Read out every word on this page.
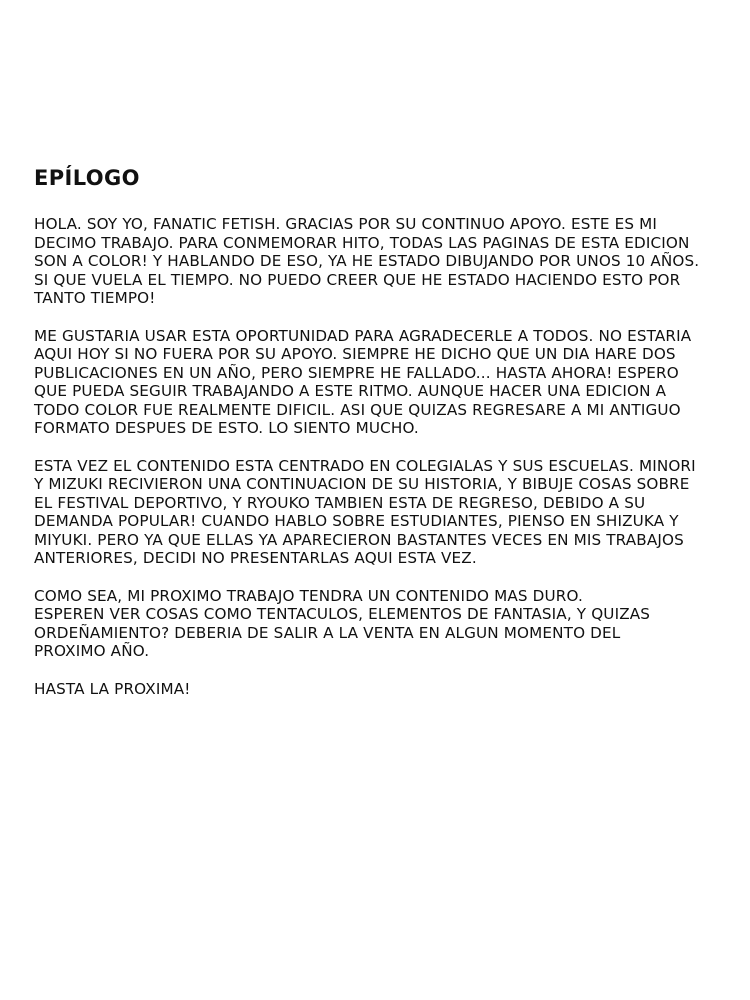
EPÍLOGO

HOLA. SOY YO, FANATIC FETISH. GRACIAS POR SU CONTINUO APOYO. ESTE ES MI
DECIMO TRABAJO. PARA CONMEMORAR HITO, TODAS LAS PAGINAS DE ESTA EDICION
SON A COLOR! Y HABLANDO DE ESO, YA HE ESTADO DIBUJANDO POR UNOS 10 AÑOS.
SI QUE VUELA EL TIEMPO. NO PUEDO CREER QUE HE ESTADO HACIENDO ESTO POR
TANTO TIEMPO!

ME GUSTARIA USAR ESTA OPORTUNIDAD PARA AGRADECERLE A TODOS. NO ESTARIA
AQUI HOY SI NO FUERA POR SU APOYO. SIEMPRE HE DICHO QUE UN DIA HARE DOS
PUBLICACIONES EN UN AÑO, PERO SIEMPRE HE FALLADO... HASTA AHORA! ESPERO
QUE PUEDA SEGUIR TRABAJANDO A ESTE RITMO. AUNQUE HACER UNA EDICION A
TODO COLOR FUE REALMENTE DIFICIL. ASI QUE QUIZAS REGRESARE A MI ANTIGUO
FORMATO DESPUES DE ESTO. LO SIENTO MUCHO.

ESTA VEZ EL CONTENIDO ESTA CENTRADO EN COLEGIALAS Y SUS ESCUELAS. MINORI
Y MIZUKI RECIVIERON UNA CONTINUACION DE SU HISTORIA, Y BIBUJE COSAS SOBRE
EL FESTIVAL DEPORTIVO, Y RYOUKO TAMBIEN ESTA DE REGRESO, DEBIDO A SU
DEMANDA POPULAR! CUANDO HABLO SOBRE ESTUDIANTES, PIENSO EN SHIZUKA Y
MIYUKI. PERO YA QUE ELLAS YA APARECIERON BASTANTES VECES EN MIS TRABAJOS
ANTERIORES, DECIDI NO PRESENTARLAS AQUI ESTA VEZ.

COMO SEA, MI PROXIMO TRABAJO TENDRA UN CONTENIDO MAS DURO.
ESPEREN VER COSAS COMO TENTACULOS, ELEMENTOS DE FANTASIA, Y QUIZAS
ORDEÑAMIENTO? DEBERIA DE SALIR A LA VENTA EN ALGUN MOMENTO DEL
PROXIMO AÑO.

HASTA LA PROXIMA!
